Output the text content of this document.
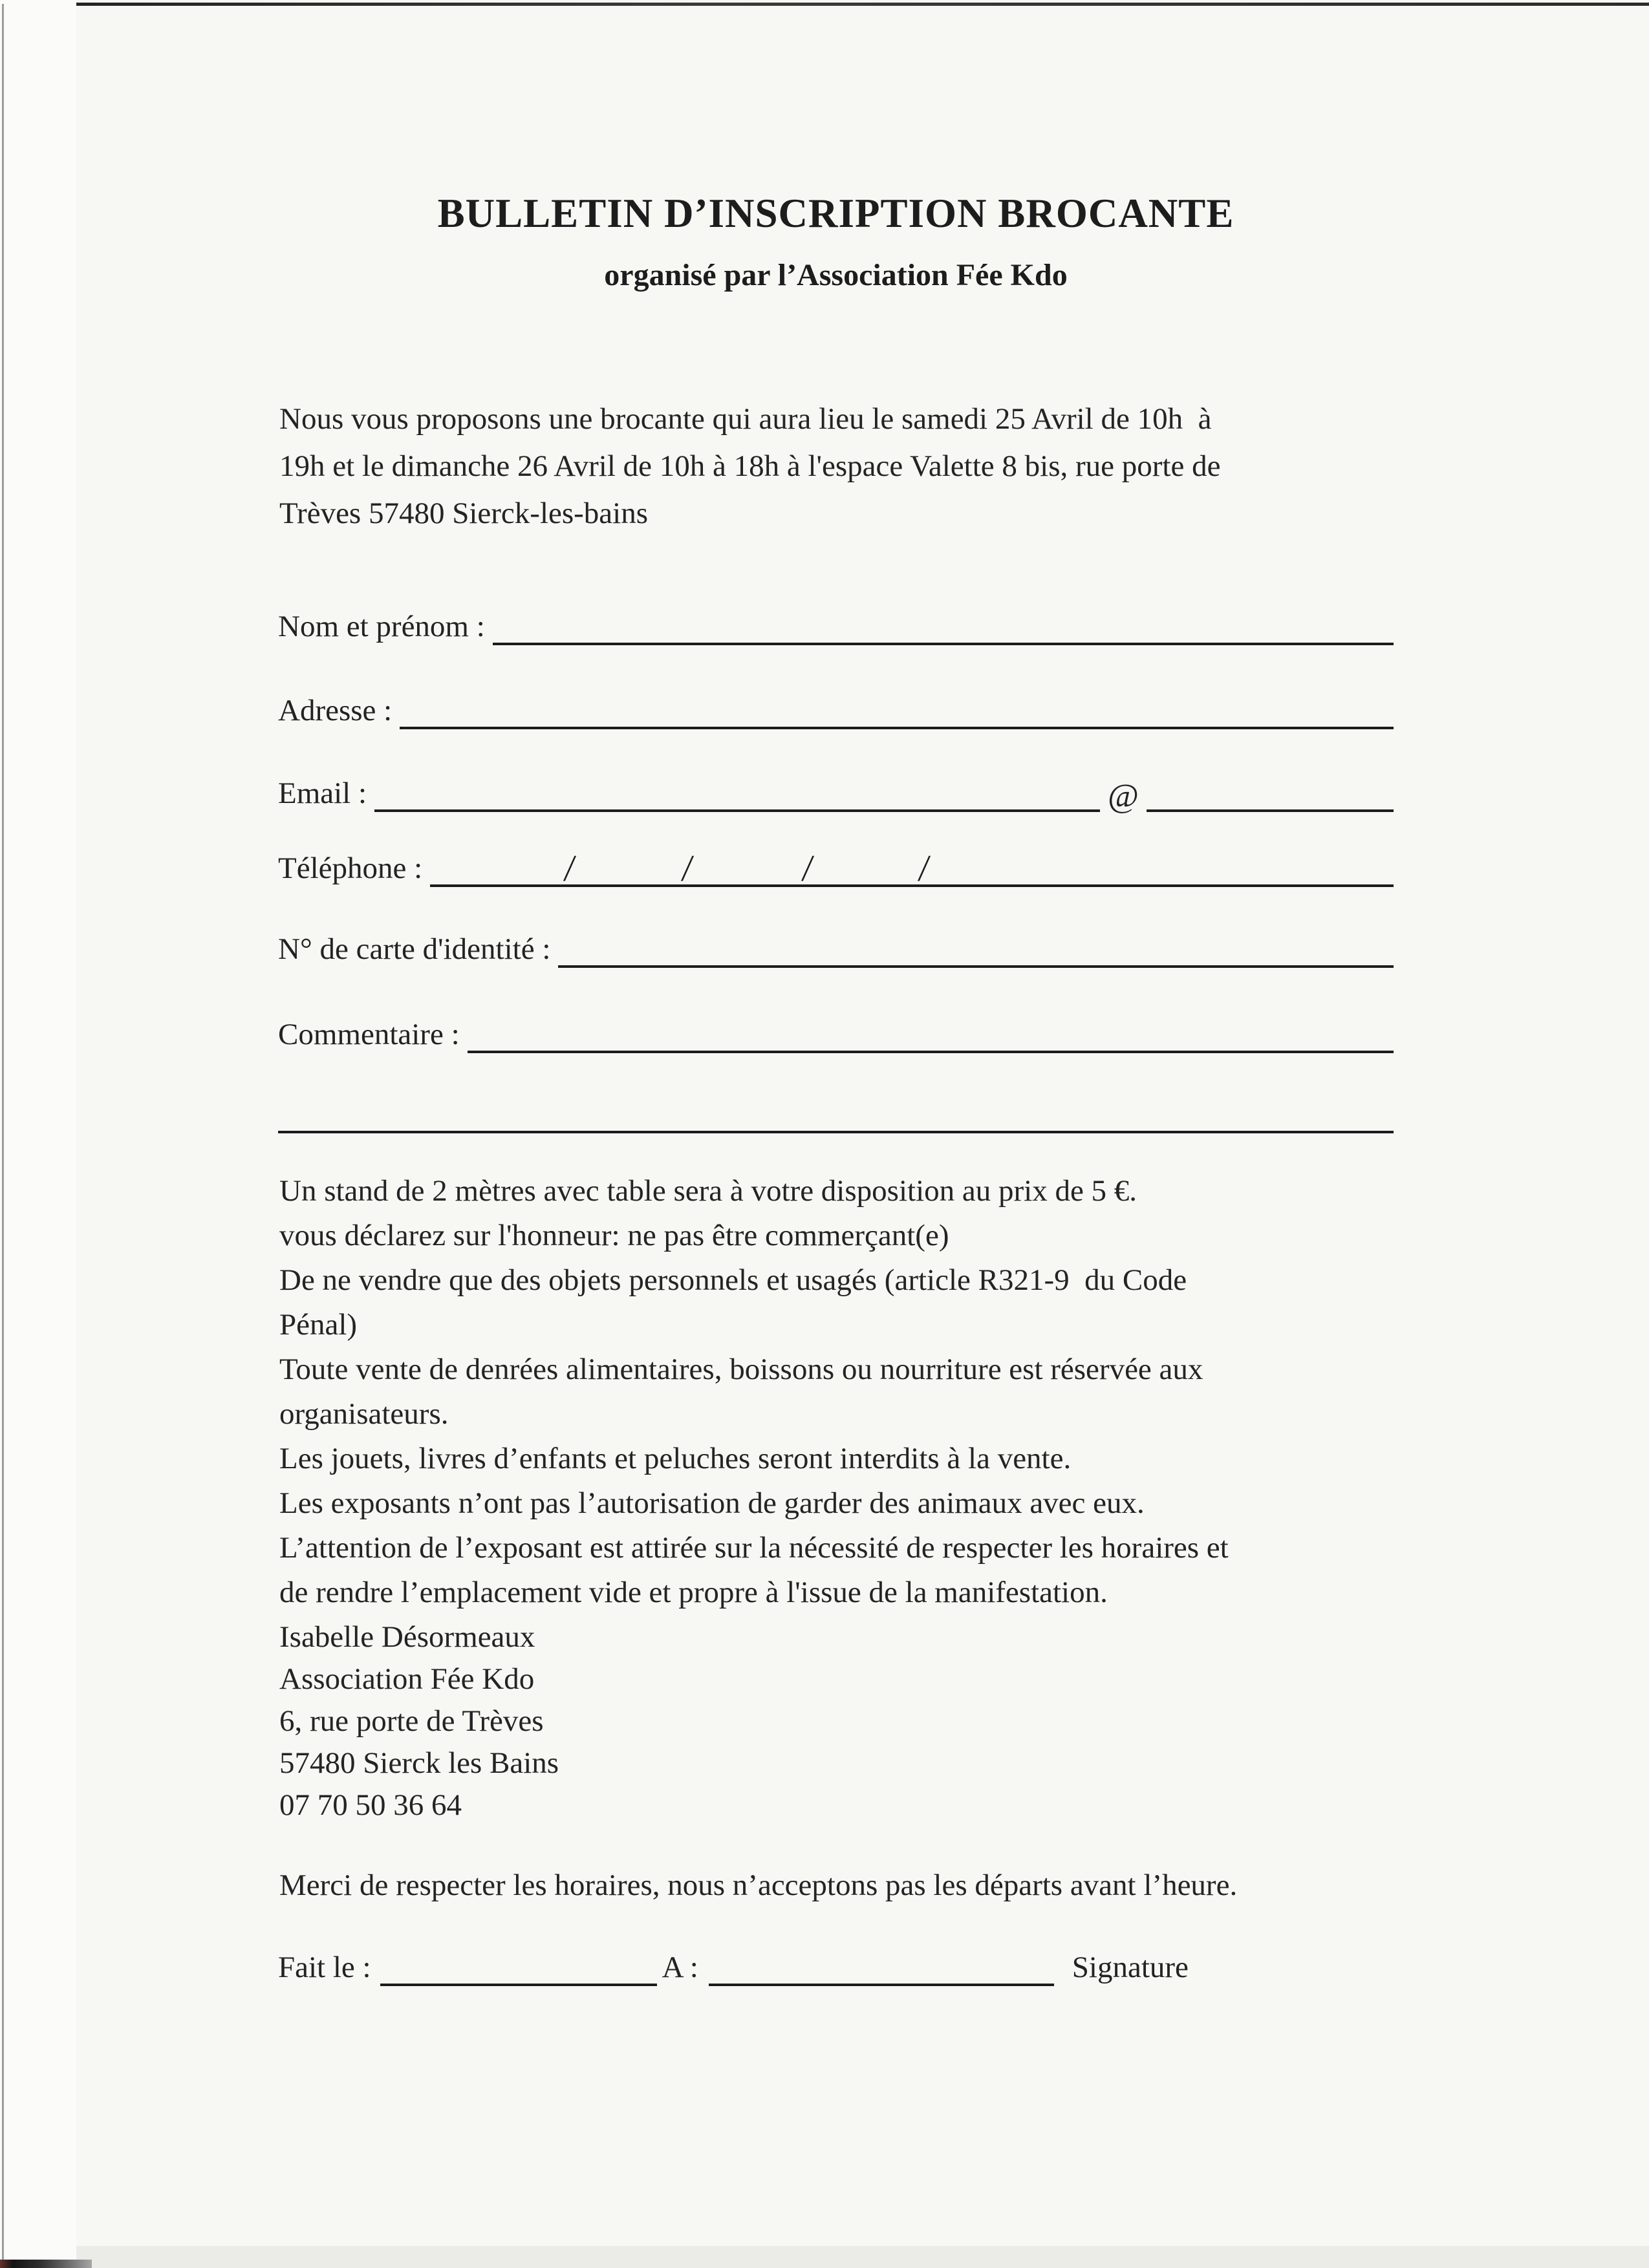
BULLETIN D’INSCRIPTION BROCANTE
organisé par l’Association Fée Kdo
Nous vous proposons une brocante qui aura lieu le samedi 25 Avril de 10h  à
19h et le dimanche 26 Avril de 10h à 18h à l'espace Valette 8 bis, rue porte de
Trèves 57480 Sierck-les-bains
Nom et prénom :
Adresse :
Email :	@
Téléphone :	/	/	/	/
N° de carte d'identité :
Commentaire :
Un stand de 2 mètres avec table sera à votre disposition au prix de 5 €.
vous déclarez sur l'honneur: ne pas être commerçant(e)
De ne vendre que des objets personnels et usagés (article R321-9  du Code
Pénal)
Toute vente de denrées alimentaires, boissons ou nourriture est réservée aux
organisateurs.
Les jouets, livres d’enfants et peluches seront interdits à la vente.
Les exposants n’ont pas l’autorisation de garder des animaux avec eux.
L’attention de l’exposant est attirée sur la nécessité de respecter les horaires et
de rendre l’emplacement vide et propre à l'issue de la manifestation.
Isabelle Désormeaux
Association Fée Kdo
6, rue porte de Trèves
57480 Sierck les Bains
07 70 50 36 64
Merci de respecter les horaires, nous n’acceptons pas les départs avant l’heure.
Fait le :	A :	Signature
